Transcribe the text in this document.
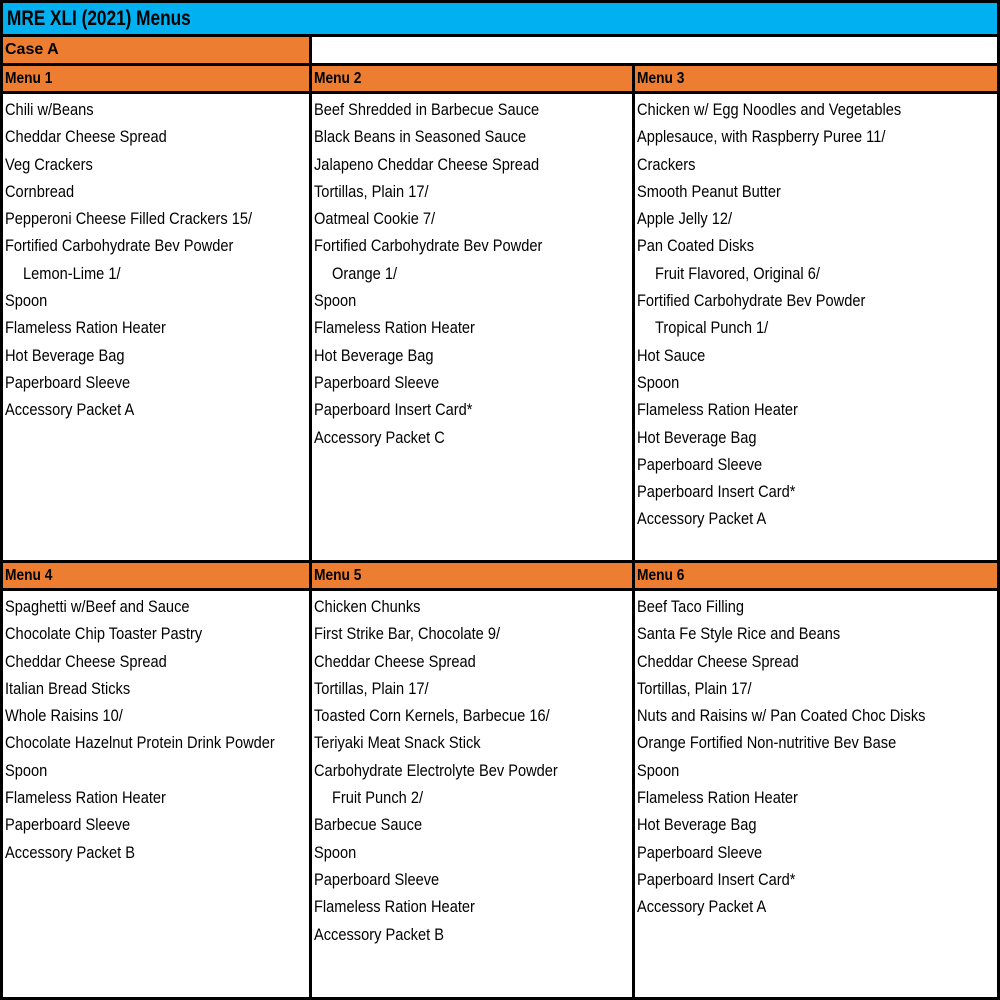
MRE XLI (2021) Menus
Case A
Menu 1
Chili w/Beans
Cheddar Cheese Spread
Veg Crackers
Cornbread
Pepperoni Cheese Filled Crackers 15/
Fortified Carbohydrate Bev Powder
Lemon-Lime 1/
Spoon
Flameless Ration Heater
Hot Beverage Bag
Paperboard Sleeve
Accessory Packet A
Menu 2
Beef Shredded in Barbecue Sauce
Black Beans in Seasoned Sauce
Jalapeno Cheddar Cheese Spread
Tortillas, Plain 17/
Oatmeal Cookie 7/
Fortified Carbohydrate Bev Powder
Orange 1/
Spoon
Flameless Ration Heater
Hot Beverage Bag
Paperboard Sleeve
Paperboard Insert Card*
Accessory Packet C
Menu 3
Chicken w/ Egg Noodles and Vegetables
Applesauce, with Raspberry Puree 11/
Crackers
Smooth Peanut Butter
Apple Jelly 12/
Pan Coated Disks
Fruit Flavored, Original 6/
Fortified Carbohydrate Bev Powder
Tropical Punch 1/
Hot Sauce
Spoon
Flameless Ration Heater
Hot Beverage Bag
Paperboard Sleeve
Paperboard Insert Card*
Accessory Packet A
Menu 4
Spaghetti w/Beef and Sauce
Chocolate Chip Toaster Pastry
Cheddar Cheese Spread
Italian Bread Sticks
Whole Raisins 10/
Chocolate Hazelnut Protein Drink Powder
Spoon
Flameless Ration Heater
Paperboard Sleeve
Accessory Packet B
Menu 5
Chicken Chunks
First Strike Bar, Chocolate 9/
Cheddar Cheese Spread
Tortillas, Plain 17/
Toasted Corn Kernels, Barbecue 16/
Teriyaki Meat Snack Stick
Carbohydrate Electrolyte Bev Powder
Fruit Punch 2/
Barbecue Sauce
Spoon
Paperboard Sleeve
Flameless Ration Heater
Accessory Packet B
Menu 6
Beef Taco Filling
Santa Fe Style Rice and Beans
Cheddar Cheese Spread
Tortillas, Plain 17/
Nuts and Raisins w/ Pan Coated Choc Disks
Orange Fortified Non-nutritive Bev Base
Spoon
Flameless Ration Heater
Hot Beverage Bag
Paperboard Sleeve
Paperboard Insert Card*
Accessory Packet A
